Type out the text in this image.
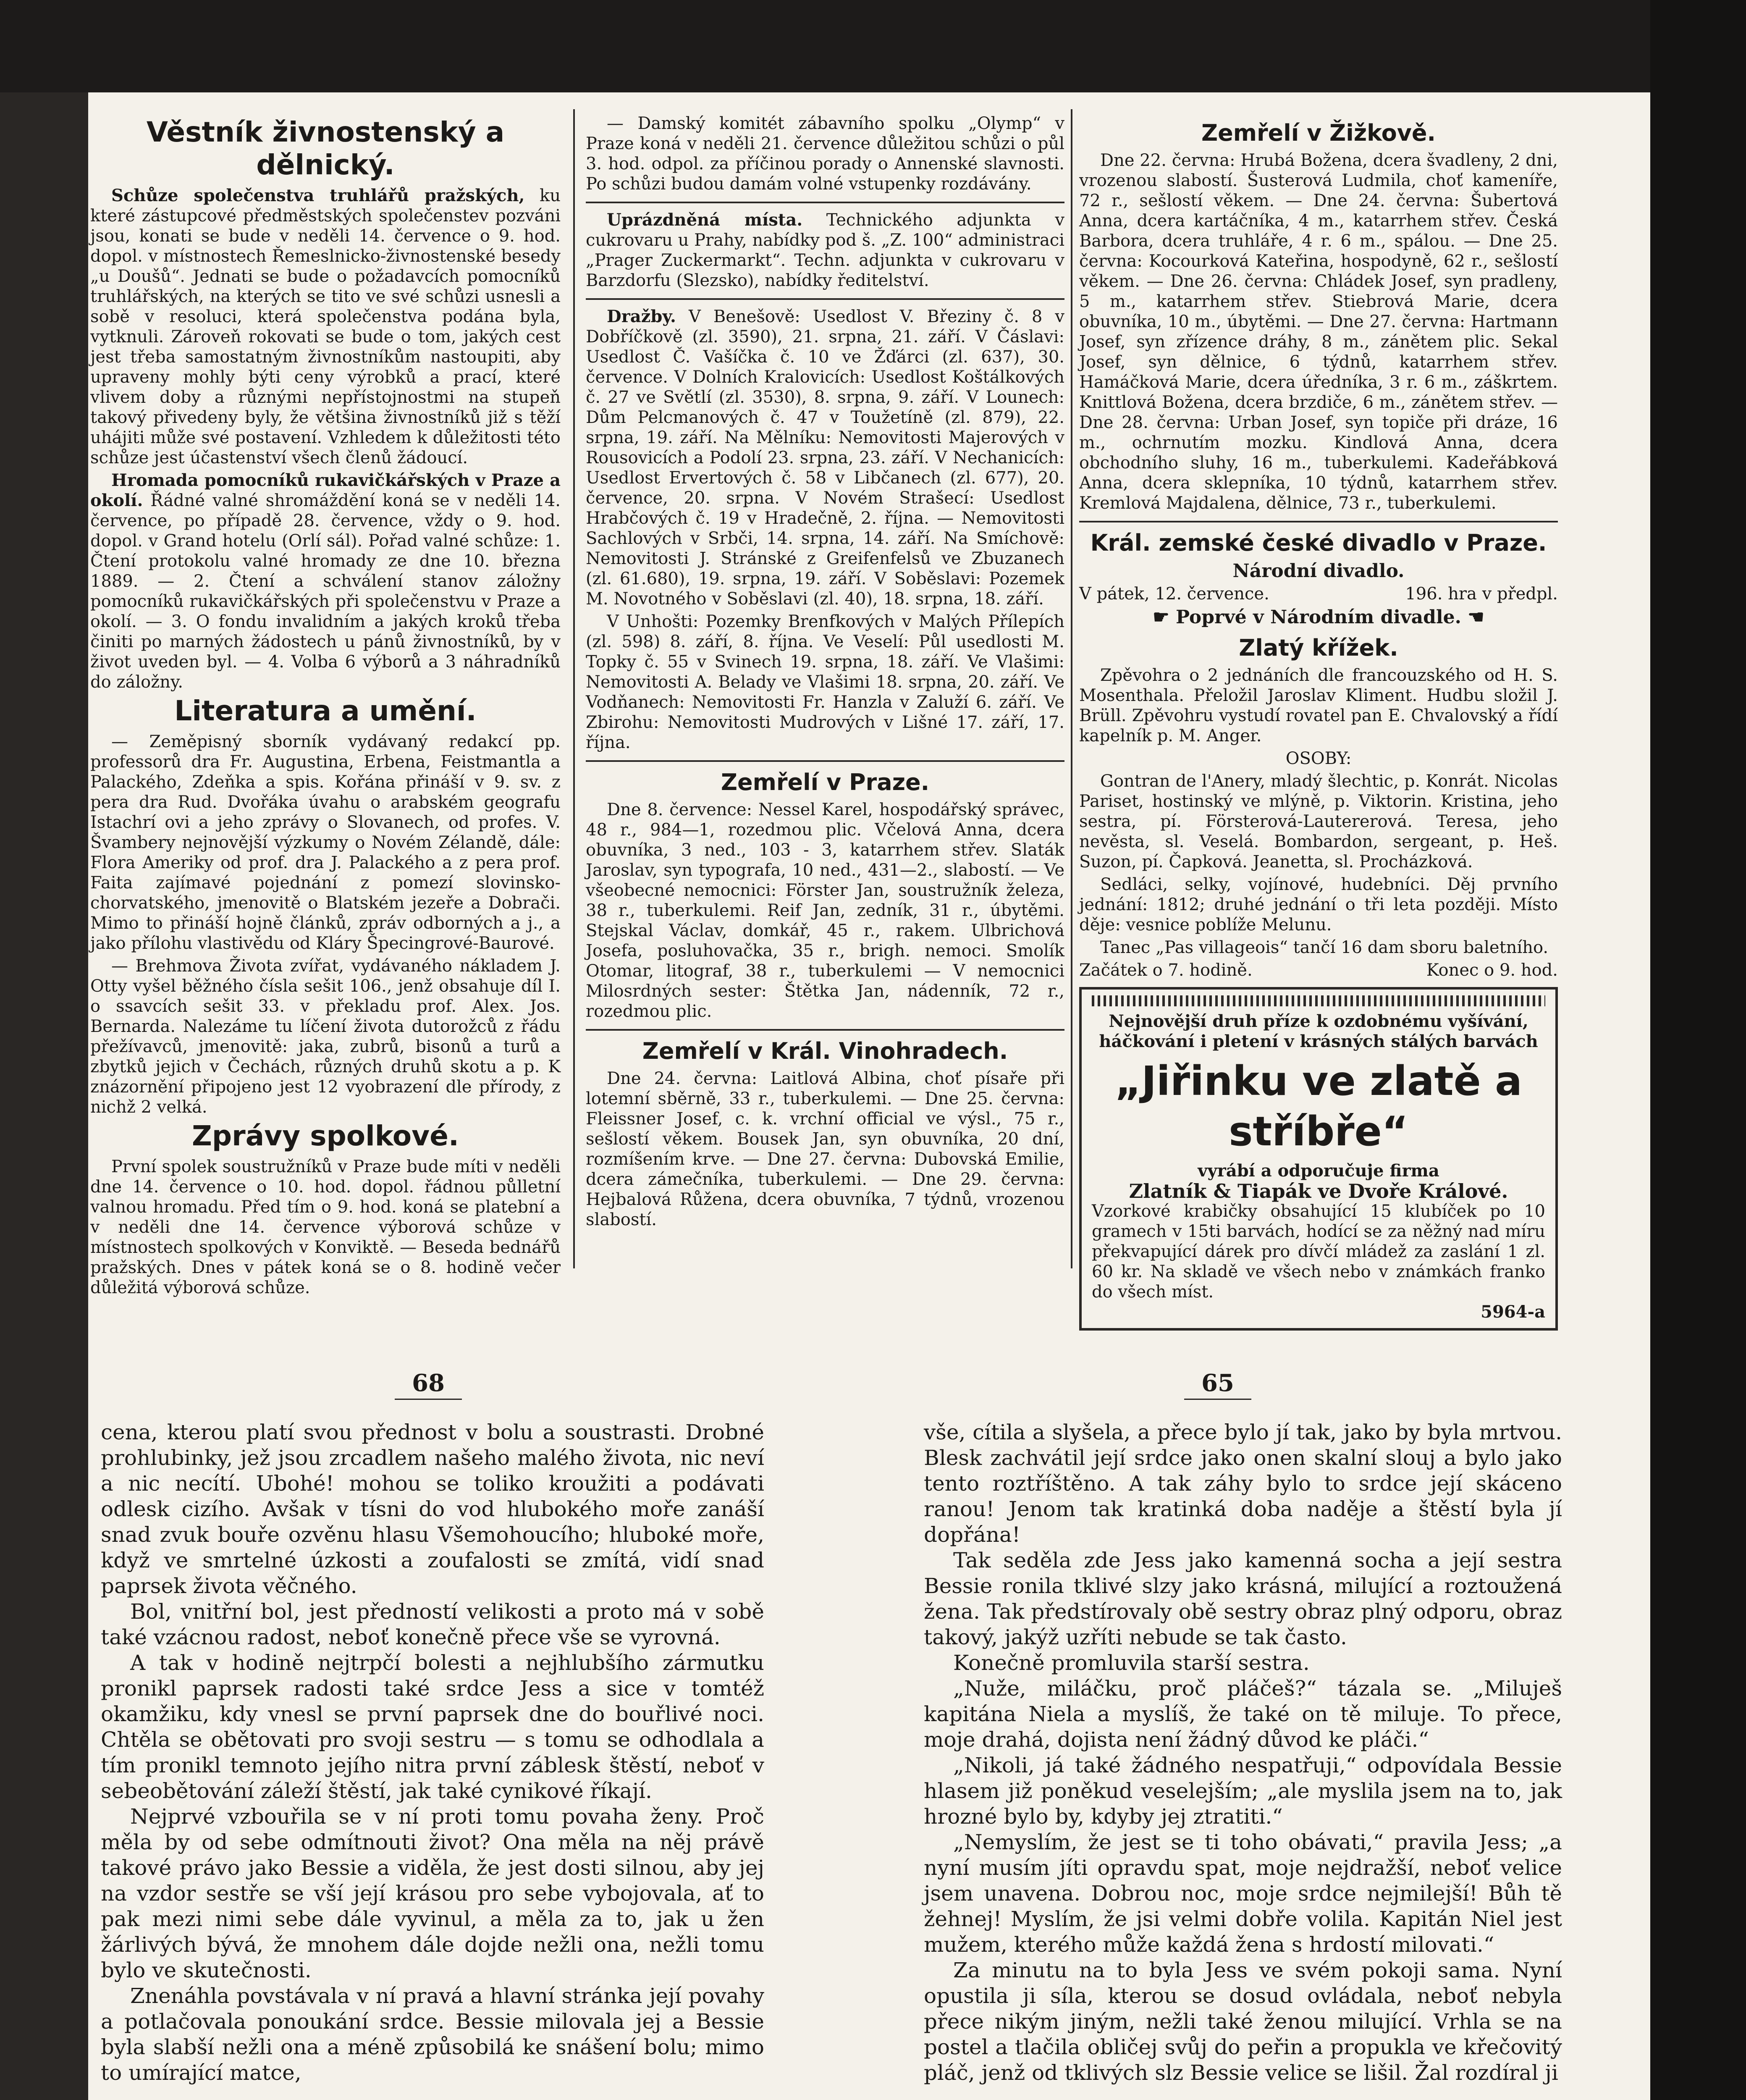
Věstník živnostenský a dělnický.

Schůze společenstva truhlářů pražských, ku které zástupcové předměstských společenstev pozváni jsou, konati se bude v neděli 14. července o 9. hod. dopol. v místnostech Řemeslnicko-živnostenské besedy „u Doušů“. Jednati se bude o požadavcích pomocníků truhlářských, na kterých se tito ve své schůzi usnesli a sobě v resoluci, která společenstva podána byla, vytknuli. Zároveň rokovati se bude o tom, jakých cest jest třeba samostatným živnostníkům nastoupiti, aby upraveny mohly býti ceny výrobků a prací, které vlivem doby a různými nepřístojnostmi na stupeň takový přivedeny byly, že většina živnostníků již s těží uhájiti může své postavení. Vzhledem k důležitosti této schůze jest účastenství všech členů žádoucí.

Hromada pomocníků rukavičkářských v Praze a okolí. Řádné valné shromáždění koná se v neděli 14. července, po případě 28. července, vždy o 9. hod. dopol. v Grand hotelu (Orlí sál). Pořad valné schůze: 1. Čtení protokolu valné hromady ze dne 10. března 1889. — 2. Čtení a schválení stanov záložny pomocníků rukavičkářských při společenstvu v Praze a okolí. — 3. O fondu invalidním a jakých kroků třeba činiti po marných žádostech u pánů živnostníků, by v život uveden byl. — 4. Volba 6 výborů a 3 náhradníků do záložny.

Literatura a umění.

— Zeměpisný sborník vydávaný redakcí pp. professorů dra Fr. Augustina, Erbena, Feistmantla a Palackého, Zdeňka a spis. Kořána přináší v 9. sv. z pera dra Rud. Dvořáka úvahu o arabském geografu Istachrí ovi a jeho zprávy o Slovanech, od profes. V. Švambery nejnovější výzkumy o Novém Zélandě, dále: Flora Ameriky od prof. dra J. Palackého a z pera prof. Faita zajímavé pojednání z pomezí slovinsko-chorvatského, jmenovitě o Blatském jezeře a Dobrači. Mimo to přináší hojně článků, zpráv odborných a j., a jako přílohu vlastivědu od Kláry Špecingrové-Baurové.

— Brehmova Života zvířat, vydávaného nákladem J. Otty vyšel běžného čísla sešit 106., jenž obsahuje díl I. o ssavcích sešit 33. v překladu prof. Alex. Jos. Bernarda. Nalezáme tu líčení života dutorožců z řádu přežívavců, jmenovitě: jaka, zubrů, bisonů a turů a zbytků jejich v Čechách, různých druhů skotu a p. K znázornění připojeno jest 12 vyobrazení dle přírody, z nichž 2 velká.

Zprávy spolkové.

První spolek soustružníků v Praze bude míti v neděli dne 14. července o 10. hod. dopol. řádnou půlletní valnou hromadu. Před tím o 9. hod. koná se platební a v neděli dne 14. července výborová schůze v místnostech spolkových v Konviktě. — Beseda bednářů pražských. Dnes v pátek koná se o 8. hodině večer důležitá výborová schůze.

— Damský komitét zábavního spolku „Olymp“ v Praze koná v neděli 21. července důležitou schůzi o půl 3. hod. odpol. za příčinou porady o Annenské slavnosti. Po schůzi budou damám volné vstupenky rozdávány.

Uprázdněná místa. Technického adjunkta v cukrovaru u Prahy, nabídky pod š. „Z. 100“ administraci „Prager Zuckermarkt“. Techn. adjunkta v cukrovaru v Barzdorfu (Slezsko), nabídky ředitelství.

Dražby. V Benešově: Usedlost V. Březiny č. 8 v Dobříčkově (zl. 3590), 21. srpna, 21. září. V Čáslavi: Usedlost Č. Vašíčka č. 10 ve Žďárci (zl. 637), 30. července. V Dolních Kralovicích: Usedlost Koštálkových č. 27 ve Světlí (zl. 3530), 8. srpna, 9. září. V Lounech: Dům Pelcmanových č. 47 v Toužetíně (zl. 879), 22. srpna, 19. září. Na Mělníku: Nemovitosti Majerových v Rousovicích a Podolí 23. srpna, 23. září. V Nechanicích: Usedlost Ervertových č. 58 v Libčanech (zl. 677), 20. července, 20. srpna. V Novém Strašecí: Usedlost Hrabčových č. 19 v Hradečně, 2. října. — Nemovitosti Sachlových v Srbči, 14. srpna, 14. září. Na Smíchově: Nemovitosti J. Stránské z Greifenfelsů ve Zbuzanech (zl. 61.680), 19. srpna, 19. září. V Soběslavi: Pozemek M. Novotného v Soběslavi (zl. 40), 18. srpna, 18. září.

V Unhošti: Pozemky Brenfkových v Malých Přílepích (zl. 598) 8. září, 8. října. Ve Veselí: Půl usedlosti M. Topky č. 55 v Svinech 19. srpna, 18. září. Ve Vlašimi: Nemovitosti A. Belady ve Vlašimi 18. srpna, 20. září. Ve Vodňanech: Nemovitosti Fr. Hanzla v Zaluží 6. září. Ve Zbirohu: Nemovitosti Mudrových v Lišné 17. září, 17. října.

Zemřelí v Praze.

Dne 8. července: Nessel Karel, hospodářský správec, 48 r., 984—1, rozedmou plic. Včelová Anna, dcera obuvníka, 3 ned., 103 - 3, katarrhem střev. Slaták Jaroslav, syn typografa, 10 ned., 431—2., slabostí. — Ve všeobecné nemocnici: Förster Jan, soustružník železa, 38 r., tuberkulemi. Reif Jan, zedník, 31 r., úbytěmi. Stejskal Václav, domkář, 45 r., rakem. Ulbrichová Josefa, posluhovačka, 35 r., brigh. nemoci. Smolík Otomar, litograf, 38 r., tuberkulemi — V nemocnici Milosrdných sester: Štětka Jan, nádenník, 72 r., rozedmou plic.

Zemřelí v Král. Vinohradech.

Dne 24. června: Laitlová Albina, choť písaře při lotemní sběrně, 33 r., tuberkulemi. — Dne 25. června: Fleissner Josef, c. k. vrchní official ve výsl., 75 r., sešlostí věkem. Bousek Jan, syn obuvníka, 20 dní, rozmíšením krve. — Dne 27. června: Dubovská Emilie, dcera zámečníka, tuberkulemi. — Dne 29. června: Hejbalová Růžena, dcera obuvníka, 7 týdnů, vrozenou slabostí.

Zemřelí v Žižkově.

Dne 22. června: Hrubá Božena, dcera švadleny, 2 dni, vrozenou slabostí. Šusterová Ludmila, choť kameníře, 72 r., sešlostí věkem. — Dne 24. června: Šubertová Anna, dcera kartáčníka, 4 m., katarrhem střev. Česká Barbora, dcera truhláře, 4 r. 6 m., spálou. — Dne 25. června: Kocourková Kateřina, hospodyně, 62 r., sešlostí věkem. — Dne 26. června: Chládek Josef, syn pradleny, 5 m., katarrhem střev. Stiebrová Marie, dcera obuvníka, 10 m., úbytěmi. — Dne 27. června: Hartmann Josef, syn zřízence dráhy, 8 m., zánětem plic. Sekal Josef, syn dělnice, 6 týdnů, katarrhem střev. Hamáčková Marie, dcera úředníka, 3 r. 6 m., záškrtem. Knittlová Božena, dcera brzdiče, 6 m., zánětem střev. — Dne 28. června: Urban Josef, syn topiče při dráze, 16 m., ochrnutím mozku. Kindlová Anna, dcera obchodního sluhy, 16 m., tuberkulemi. Kadeřábková Anna, dcera sklepníka, 10 týdnů, katarrhem střev. Kremlová Majdalena, dělnice, 73 r., tuberkulemi.

Král. zemské české divadlo v Praze.
Národní divadlo.

V pátek, 12. července.	196. hra v předpl.

☛ Poprvé v Národním divadle. ☚
Zlatý křížek.

Zpěvohra o 2 jednáních dle francouzského od H. S. Mosenthala. Přeložil Jaroslav Kliment. Hudbu složil J. Brüll. Zpěvohru vystudí rovatel pan E. Chvalovský a řídí kapelník p. M. Anger.

OSOBY:

Gontran de l'Anery, mladý šlechtic, p. Konrát. Nicolas Pariset, hostinský ve mlýně, p. Viktorin. Kristina, jeho sestra, pí. Försterová-Lautererová. Teresa, jeho nevěsta, sl. Veselá. Bombardon, sergeant, p. Heš. Suzon, pí. Čapková. Jeanetta, sl. Procházková.

Sedláci, selky, vojínové, hudebníci. Děj prvního jednání: 1812; druhé jednání o tři leta později. Místo děje: vesnice poblíže Melunu.

Tanec „Pas villageois“ tančí 16 dam sboru baletního.

Začátek o 7. hodině.	Konec o 9. hod.

Nejnovější druh příze k ozdobnému vyšívání, háčkování i pletení v krásných stálých barvách
„Jiřinku ve zlatě a stříbře“
vyrábí a odporučuje firma
Zlatník & Tiapák ve Dvoře Králové.
Vzorkové krabičky obsahující 15 klubíček po 10 gramech v 15ti barvách, hodící se za něžný nad míru překvapující dárek pro dívčí mládež za zaslání 1 zl. 60 kr. Na skladě ve všech nebo v známkách franko do všech míst.
5964-a
68	65

cena, kterou platí svou přednost v bolu a soustrasti. Drobné prohlubinky, jež jsou zrcadlem našeho malého života, nic neví a nic necítí. Ubohé! mohou se toliko kroužiti a podávati odlesk cizího. Avšak v tísni do vod hlubokého moře zanáší snad zvuk bouře ozvěnu hlasu Všemohoucího; hluboké moře, když ve smrtelné úzkosti a zoufalosti se zmítá, vidí snad paprsek života věčného.

Bol, vnitřní bol, jest předností velikosti a proto má v sobě také vzácnou radost, neboť konečně přece vše se vyrovná.

A tak v hodině nejtrpčí bolesti a nejhlubšího zármutku pronikl paprsek radosti také srdce Jess a sice v tomtéž okamžiku, kdy vnesl se první paprsek dne do bouřlivé noci. Chtěla se obětovati pro svoji sestru — s tomu se odhodlala a tím pronikl temnoto jejího nitra první záblesk štěstí, neboť v sebeobětování záleží štěstí, jak také cynikové říkají.

Nejprvé vzbouřila se v ní proti tomu povaha ženy. Proč měla by od sebe odmítnouti život? Ona měla na něj právě takové právo jako Bessie a viděla, že jest dosti silnou, aby jej na vzdor sestře se vší její krásou pro sebe vybojovala, ať to pak mezi nimi sebe dále vyvinul, a měla za to, jak u žen žárlivých bývá, že mnohem dále dojde nežli ona, nežli tomu bylo ve skutečnosti.

Znenáhla povstávala v ní pravá a hlavní stránka její povahy a potlačovala ponoukání srdce. Bessie milovala jej a Bessie byla slabší nežli ona a méně způsobilá ke snášení bolu; mimo to umírající matce,

vše, cítila a slyšela, a přece bylo jí tak, jako by byla mrtvou. Blesk zachvátil její srdce jako onen skalní slouj a bylo jako tento roztříštěno. A tak záhy bylo to srdce její skáceno ranou! Jenom tak kratinká doba naděje a štěstí byla jí dopřána!

Tak seděla zde Jess jako kamenná socha a její sestra Bessie ronila tklivé slzy jako krásná, milující a roztoužená žena. Tak předstírovaly obě sestry obraz plný odporu, obraz takový, jakýž uzříti nebude se tak často.

Konečně promluvila starší sestra.

„Nuže, miláčku, proč pláčeš?“ tázala se. „Miluješ kapitána Niela a myslíš, že také on tě miluje. To přece, moje drahá, dojista není žádný důvod ke pláči.“

„Nikoli, já také žádného nespatřuji,“ odpovídala Bessie hlasem již poněkud veselejším; „ale myslila jsem na to, jak hrozné bylo by, kdyby jej ztratiti.“

„Nemyslím, že jest se ti toho obávati,“ pravila Jess; „a nyní musím jíti opravdu spat, moje nejdražší, neboť velice jsem unavena. Dobrou noc, moje srdce nejmilejší! Bůh tě žehnej! Myslím, že jsi velmi dobře volila. Kapitán Niel jest mužem, kterého může každá žena s hrdostí milovati.“

Za minutu na to byla Jess ve svém pokoji sama. Nyní opustila ji síla, kterou se dosud ovládala, neboť nebyla přece nikým jiným, nežli také ženou milující. Vrhla se na postel a tlačila obličej svůj do peřin a propukla ve křečovitý pláč, jenž od tklivých slz Bessie velice se lišil. Žal rozdíral ji
